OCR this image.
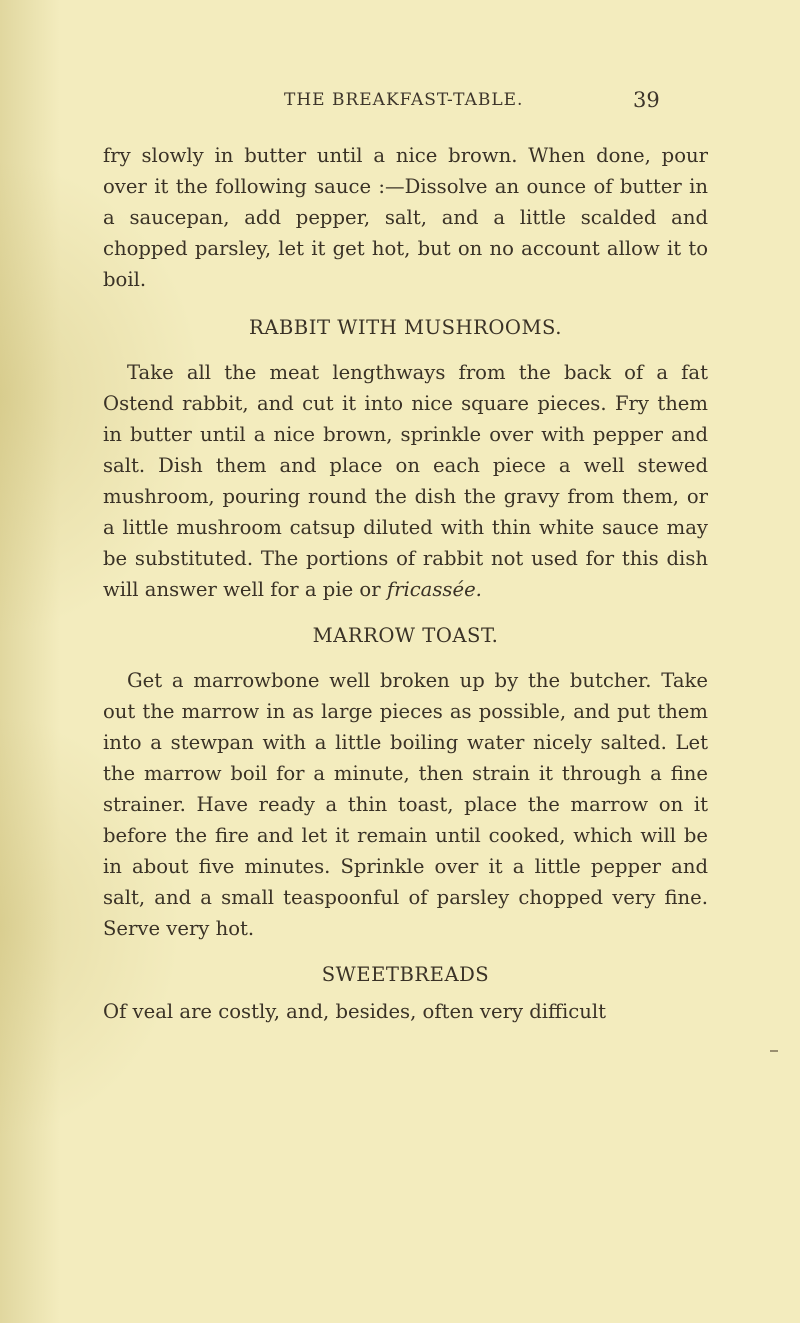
THE BREAKFAST-TABLE.	39

fry slowly in butter until a nice brown. When done, pour over it the following sauce :—Dissolve an ounce of butter in a saucepan, add pepper, salt, and a little scalded and chopped parsley, let it get hot, but on no account allow it to boil.

RABBIT WITH MUSHROOMS.

Take all the meat lengthways from the back of a fat Ostend rabbit, and cut it into nice square pieces. Fry them in butter until a nice brown, sprinkle over with pepper and salt. Dish them and place on each piece a well stewed mushroom, pouring round the dish the gravy from them, or a little mushroom catsup diluted with thin white sauce may be substituted. The portions of rabbit not used for this dish will answer well for a pie or fricassée.

MARROW TOAST.

Get a marrowbone well broken up by the butcher. Take out the marrow in as large pieces as possible, and put them into a stewpan with a little boiling water nicely salted. Let the marrow boil for a minute, then strain it through a fine strainer. Have ready a thin toast, place the marrow on it before the fire and let it remain until cooked, which will be in about five minutes. Sprinkle over it a little pepper and salt, and a small teaspoonful of parsley chopped very fine. Serve very hot.

SWEETBREADS

Of veal are costly, and, besides, often very difficult
